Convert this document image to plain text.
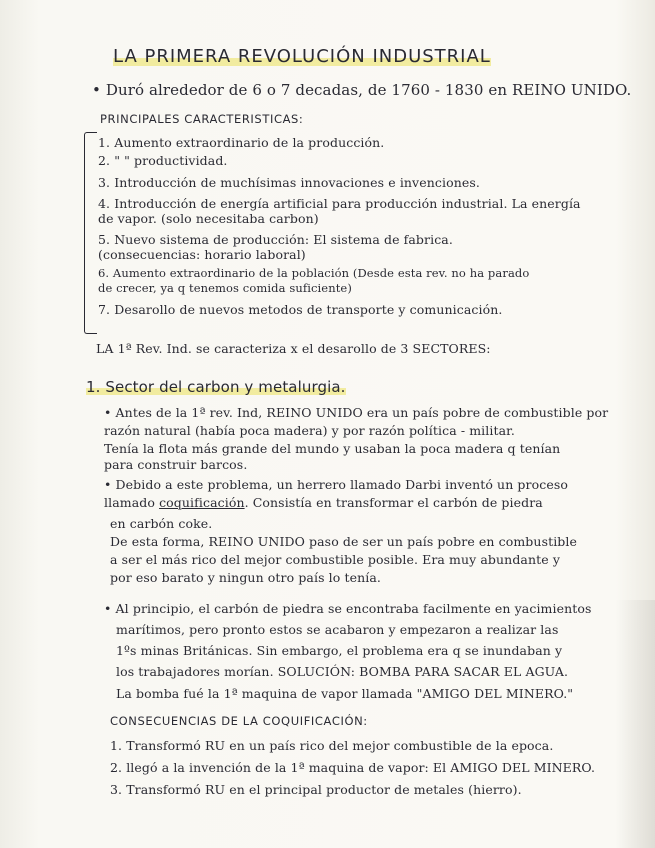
LA PRIMERA REVOLUCIÓN INDUSTRIAL
• Duró alrededor de 6 o 7 decadas, de 1760 - 1830 en REINO UNIDO.
PRINCIPALES CARACTERISTICAS:
1. Aumento extraordinario de la producción.
2. " " productividad.
3. Introducción de muchísimas innovaciones e invenciones.
4. Introducción de energía artificial para producción industrial. La energía
de vapor. (solo necesitaba carbon)
5. Nuevo sistema de producción: El sistema de fabrica.
(consecuencias: horario laboral)
6. Aumento extraordinario de la población (Desde esta rev. no ha parado
de crecer, ya q tenemos comida suficiente)
7. Desarollo de nuevos metodos de transporte y comunicación.
LA 1ª Rev. Ind. se caracteriza x el desarollo de 3 SECTORES:
1. Sector del carbon y metalurgia.
• Antes de la 1ª rev. Ind, REINO UNIDO era un país pobre de combustible por
razón natural (había poca madera) y por razón política - militar.
Tenía la flota más grande del mundo y usaban la poca madera q tenían
para construir barcos.
• Debido a este problema, un herrero llamado Darbi inventó un proceso
llamado coquificación. Consistía en transformar el carbón de piedra
en carbón coke.
De esta forma, REINO UNIDO paso de ser un país pobre en combustible
a ser el más rico del mejor combustible posible. Era muy abundante y
por eso barato y ningun otro país lo tenía.
• Al principio, el carbón de piedra se encontraba facilmente en yacimientos
marítimos, pero pronto estos se acabaron y empezaron a realizar las
1ºs minas Británicas. Sin embargo, el problema era q se inundaban y
los trabajadores morían. SOLUCIÓN: BOMBA PARA SACAR EL AGUA.
La bomba fué la 1ª maquina de vapor llamada "AMIGO DEL MINERO."
CONSECUENCIAS DE LA COQUIFICACIÓN:
1. Transformó RU en un país rico del mejor combustible de la epoca.
2. llegó a la invención de la 1ª maquina de vapor: El AMIGO DEL MINERO.
3. Transformó RU en el principal productor de metales (hierro).
